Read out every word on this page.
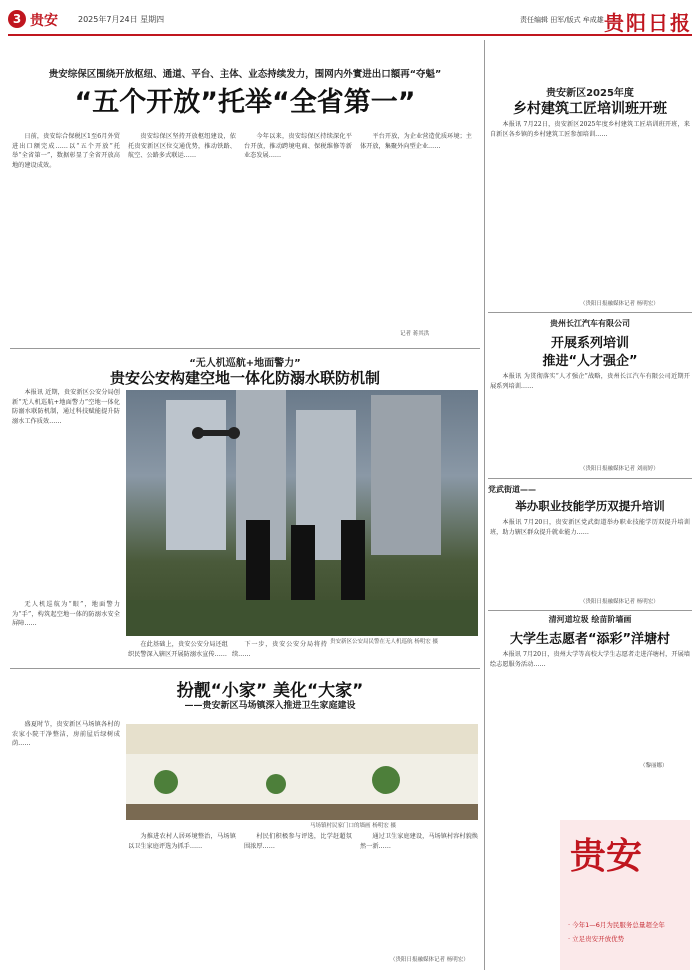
3 贵安	2025年7月24日 星期四	责任编辑 田军/版式 牟成雄 贵阳日报
贵安综保区围绕开放枢纽、通道、平台、主体、业态持续发力，围网内外實进出口額再“夺魁”
“五个开放”托举“全省第一”

日前，贵安综合保税区1至6月外贸进出口额完成……以“五个开放”托举“全省第一”，数据彰显了全省开放高地的建设成效。

贵安综保区坚持开放枢纽建设，依托贵安新区区位交通优势，推动铁路、航空、公路多式联运……

今年以来，贵安综保区持续深化平台开放，推动跨境电商、保税维修等新业态发展……

平台开放，为企业营造优质环境；主体开放，集聚外向型企业……

记者 蒋其洪
贵安新区2025年度
乡村建筑工匠培训班开班

本报讯 7月22日，贵安新区2025年度乡村建筑工匠培训班开班，来自新区各乡镇的乡村建筑工匠参加培训……

（贵阳日报融媒体记者 杨明宏）
贵州长江汽车有限公司
开展系列培训
推进“人才强企”

本报讯 为贯彻落实“人才强企”战略，贵州长江汽车有限公司近期开展系列培训……

（贵阳日报融媒体记者 刘雨婷）
党武街道——
举办职业技能学历双提升培训

本报讯 7月20日，贵安新区党武街道举办职业技能学历双提升培训班，助力辖区群众提升就业能力……

（贵阳日报融媒体记者 杨明宏）
清河道垃圾 绘苗阶墙画
大学生志愿者“添彩”洋塘村

本报讯 7月20日，贵州大学等高校大学生志愿者走进洋塘村，开展墙绘志愿服务活动……

（黎丽娜）
贵安
· 今年1—6月为民服务总量超全年
· 立足贵安开放优势
“无人机巡航+地面警力”
贵安公安构建空地一体化防溺水联防机制

本报讯 近期，贵安新区公安分局创新“无人机巡航+地面警力”空地一体化防溺水联防机制，通过科技赋能提升防溺水工作质效……

贵安新区公安局民警在无人机巡航 杨明宏 摄

无人机巡航为“眼”，地面警力为“手”，构筑起空地一体的防溺水安全屏障……

在此基础上，贵安公安分局还组织民警深入辖区开展防溺水宣传……

下一步，贵安公安分局将持续……

扮靓“小家” 美化“大家”
——贵安新区马场镇深入推进卫生家庭建设

盛夏时节，贵安新区马场镇各村的农家小院干净整洁，房前屋后绿树成荫……

马场镇村民家门口的墙画 杨明宏 摄

为推进农村人居环境整治，马场镇以卫生家庭评选为抓手……

村民们积极参与评选，比学赶超氛围浓厚……

通过卫生家庭建设，马场镇村容村貌焕然一新……

（贵阳日报融媒体记者 杨明宏）
